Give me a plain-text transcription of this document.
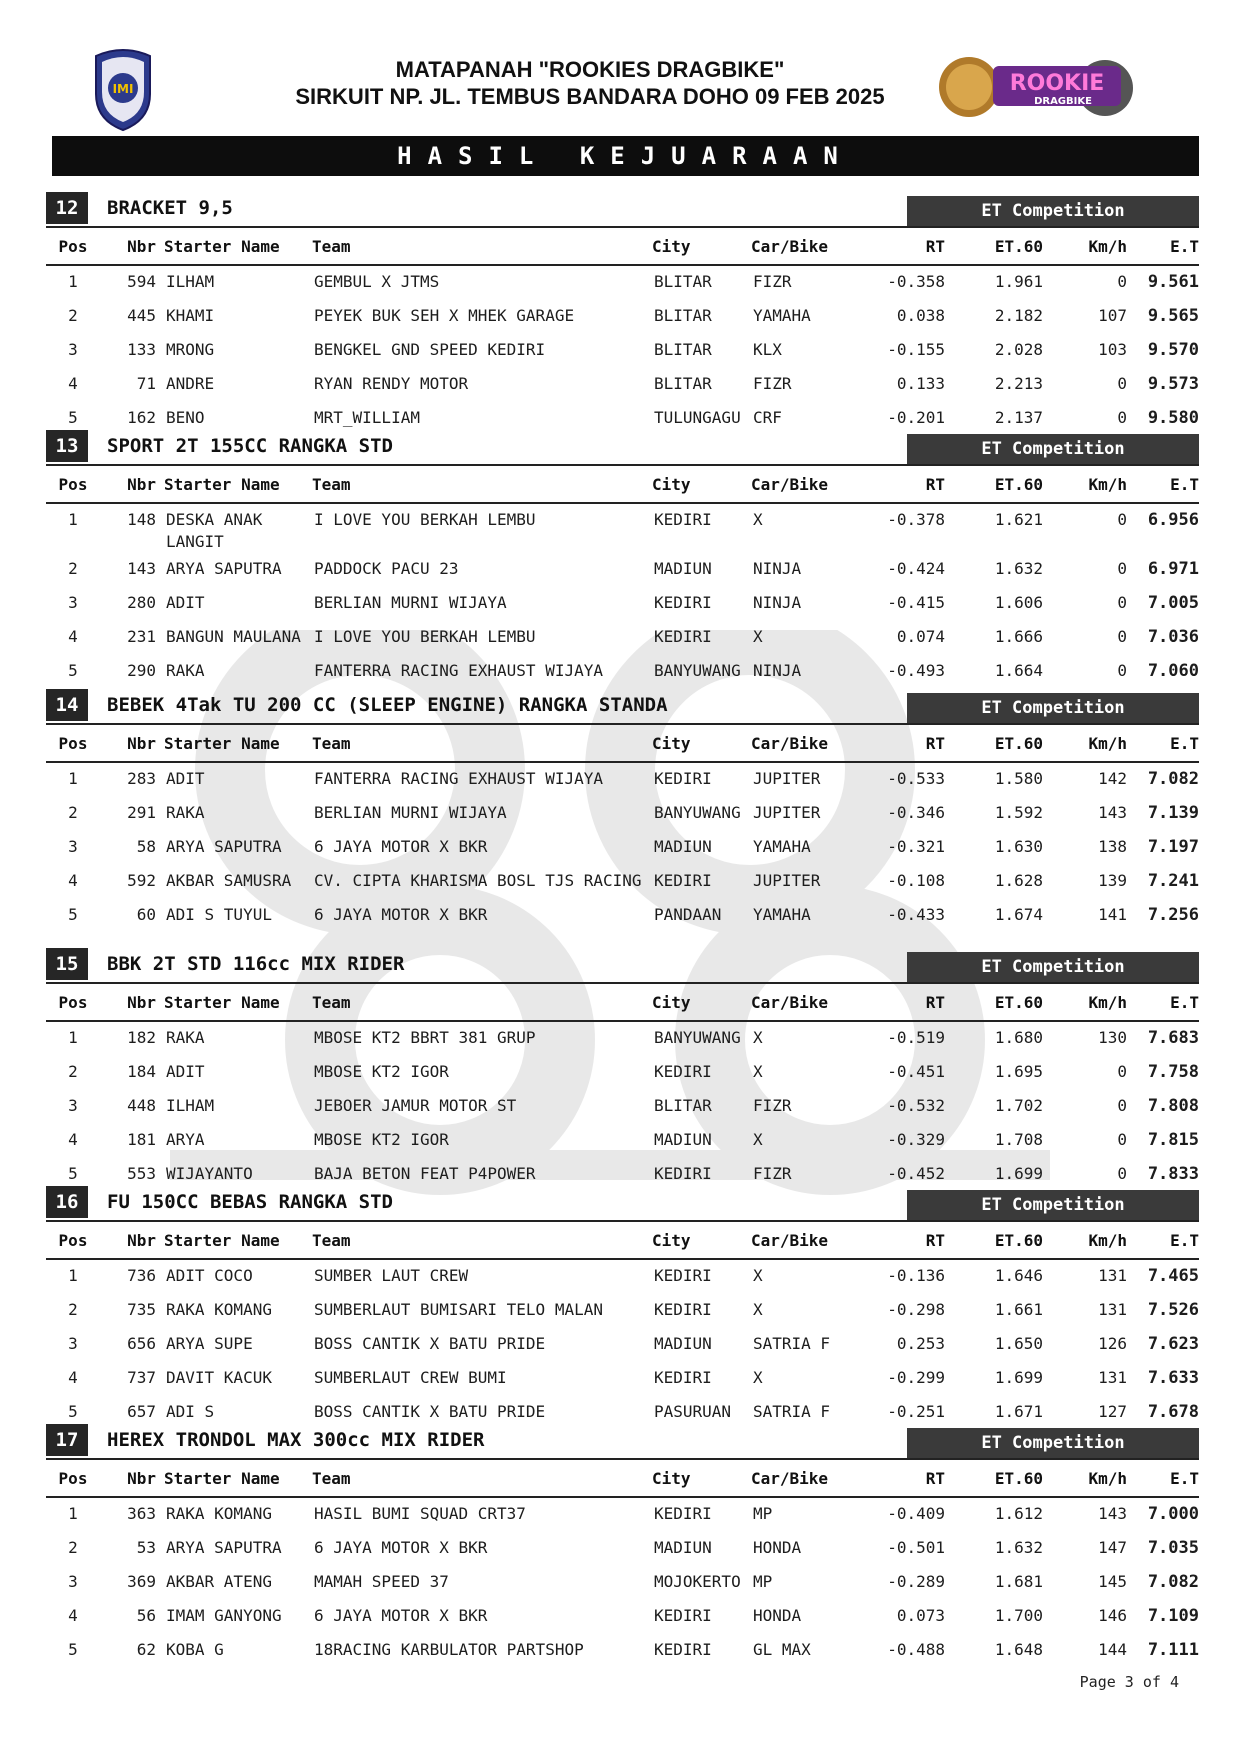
IMI	ROOKIE
DRAGBIKE
MATAPANAH "ROOKIES DRAGBIKE"
SIRKUIT NP. JL. TEMBUS BANDARA DOHO 09 FEB 2025
HASIL KEJUARAAN
12	BRACKET 9,5	ET Competition
Pos	Nbr	Starter Name	Team	City	Car/Bike	RT	ET.60	Km/h	E.T
1	594	ILHAM	GEMBUL X JTMS	BLITAR	FIZR	-0.358	1.961	0	9.561
2	445	KHAMI	PEYEK BUK SEH X MHEK GARAGE	BLITAR	YAMAHA	0.038	2.182	107	9.565
3	133	MRONG	BENGKEL GND SPEED KEDIRI	BLITAR	KLX	-0.155	2.028	103	9.570
4	71	ANDRE	RYAN RENDY MOTOR	BLITAR	FIZR	0.133	2.213	0	9.573
5	162	BENO	MRT_WILLIAM	TULUNGAGU	CRF	-0.201	2.137	0	9.580
13	SPORT 2T 155CC RANGKA STD	ET Competition
Pos	Nbr	Starter Name	Team	City	Car/Bike	RT	ET.60	Km/h	E.T
1	148	DESKA ANAK LANGIT	I LOVE YOU BERKAH LEMBU	KEDIRI	X	-0.378	1.621	0	6.956
2	143	ARYA SAPUTRA	PADDOCK PACU 23	MADIUN	NINJA	-0.424	1.632	0	6.971
3	280	ADIT	BERLIAN MURNI WIJAYA	KEDIRI	NINJA	-0.415	1.606	0	7.005
4	231	BANGUN MAULANA	I LOVE YOU BERKAH LEMBU	KEDIRI	X	0.074	1.666	0	7.036
5	290	RAKA	FANTERRA RACING EXHAUST WIJAYA	BANYUWANG	NINJA	-0.493	1.664	0	7.060
14	BEBEK 4Tak TU 200 CC (SLEEP ENGINE) RANGKA STANDA	ET Competition
Pos	Nbr	Starter Name	Team	City	Car/Bike	RT	ET.60	Km/h	E.T
1	283	ADIT	FANTERRA RACING EXHAUST WIJAYA	KEDIRI	JUPITER	-0.533	1.580	142	7.082
2	291	RAKA	BERLIAN MURNI WIJAYA	BANYUWANG	JUPITER	-0.346	1.592	143	7.139
3	58	ARYA SAPUTRA	6 JAYA MOTOR X BKR	MADIUN	YAMAHA	-0.321	1.630	138	7.197
4	592	AKBAR SAMUSRA	CV. CIPTA KHARISMA BOSL TJS RACING	KEDIRI	JUPITER	-0.108	1.628	139	7.241
5	60	ADI S TUYUL	6 JAYA MOTOR X BKR	PANDAAN	YAMAHA	-0.433	1.674	141	7.256
15	BBK 2T STD 116cc MIX RIDER	ET Competition
Pos	Nbr	Starter Name	Team	City	Car/Bike	RT	ET.60	Km/h	E.T
1	182	RAKA	MBOSE KT2 BBRT 381 GRUP	BANYUWANG	X	-0.519	1.680	130	7.683
2	184	ADIT	MBOSE KT2 IGOR	KEDIRI	X	-0.451	1.695	0	7.758
3	448	ILHAM	JEBOER JAMUR MOTOR ST	BLITAR	FIZR	-0.532	1.702	0	7.808
4	181	ARYA	MBOSE KT2 IGOR	MADIUN	X	-0.329	1.708	0	7.815
5	553	WIJAYANTO	BAJA BETON FEAT P4POWER	KEDIRI	FIZR	-0.452	1.699	0	7.833
16	FU 150CC BEBAS RANGKA STD	ET Competition
Pos	Nbr	Starter Name	Team	City	Car/Bike	RT	ET.60	Km/h	E.T
1	736	ADIT COCO	SUMBER LAUT CREW	KEDIRI	X	-0.136	1.646	131	7.465
2	735	RAKA KOMANG	SUMBERLAUT BUMISARI TELO MALAN	KEDIRI	X	-0.298	1.661	131	7.526
3	656	ARYA SUPE	BOSS CANTIK X BATU PRIDE	MADIUN	SATRIA F	0.253	1.650	126	7.623
4	737	DAVIT KACUK	SUMBERLAUT CREW BUMI	KEDIRI	X	-0.299	1.699	131	7.633
5	657	ADI S	BOSS CANTIK X BATU PRIDE	PASURUAN	SATRIA F	-0.251	1.671	127	7.678
17	HEREX TRONDOL MAX 300cc MIX RIDER	ET Competition
Pos	Nbr	Starter Name	Team	City	Car/Bike	RT	ET.60	Km/h	E.T
1	363	RAKA KOMANG	HASIL BUMI SQUAD CRT37	KEDIRI	MP	-0.409	1.612	143	7.000
2	53	ARYA SAPUTRA	6 JAYA MOTOR X BKR	MADIUN	HONDA	-0.501	1.632	147	7.035
3	369	AKBAR ATENG	MAMAH SPEED 37	MOJOKERTO	MP	-0.289	1.681	145	7.082
4	56	IMAM GANYONG	6 JAYA MOTOR X BKR	KEDIRI	HONDA	0.073	1.700	146	7.109
5	62	KOBA G	18RACING KARBULATOR PARTSHOP	KEDIRI	GL MAX	-0.488	1.648	144	7.111
Page 3 of 4
